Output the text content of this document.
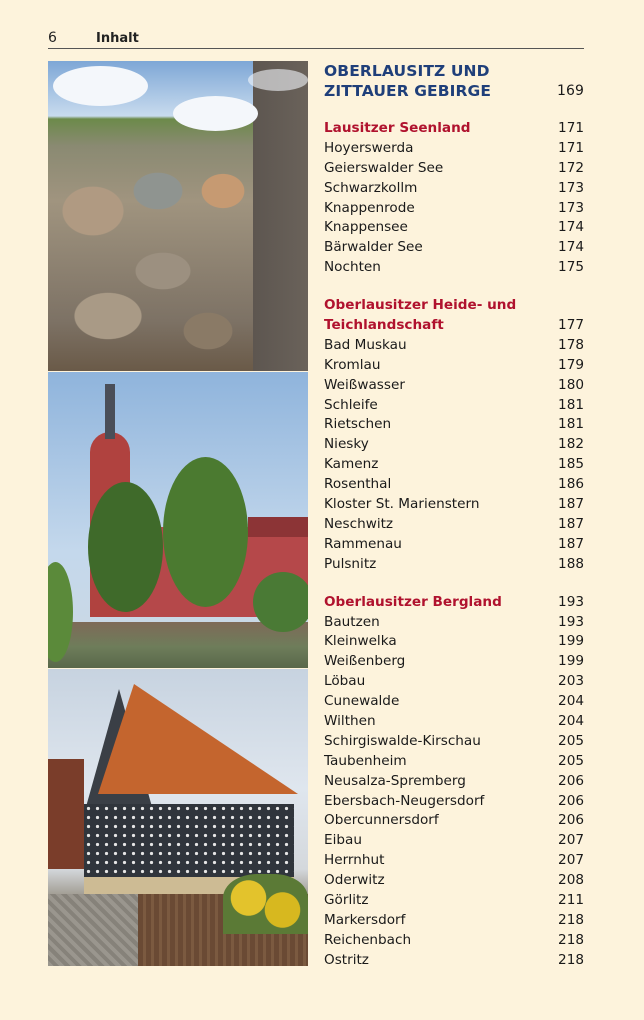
6	Inhalt
OBERLAUSITZ UND
ZITTAUER GEBIRGE	169
Lausitzer Seenland	171
Hoyerswerda	171
Geierswalder See	172
Schwarzkollm	173
Knappenrode	173
Knappensee	174
Bärwalder See	174
Nochten	175
Oberlausitzer Heide- und Teichlandschaft	177
Bad Muskau	178
Kromlau	179
Weißwasser	180
Schleife	181
Rietschen	181
Niesky	182
Kamenz	185
Rosenthal	186
Kloster St. Marienstern	187
Neschwitz	187
Rammenau	187
Pulsnitz	188
Oberlausitzer Bergland	193
Bautzen	193
Kleinwelka	199
Weißenberg	199
Löbau	203
Cunewalde	204
Wilthen	204
Schirgiswalde-Kirschau	205
Taubenheim	205
Neusalza-Spremberg	206
Ebersbach-Neugersdorf	206
Obercunnersdorf	206
Eibau	207
Herrnhut	207
Oderwitz	208
Görlitz	211
Markersdorf	218
Reichenbach	218
Ostritz	218
